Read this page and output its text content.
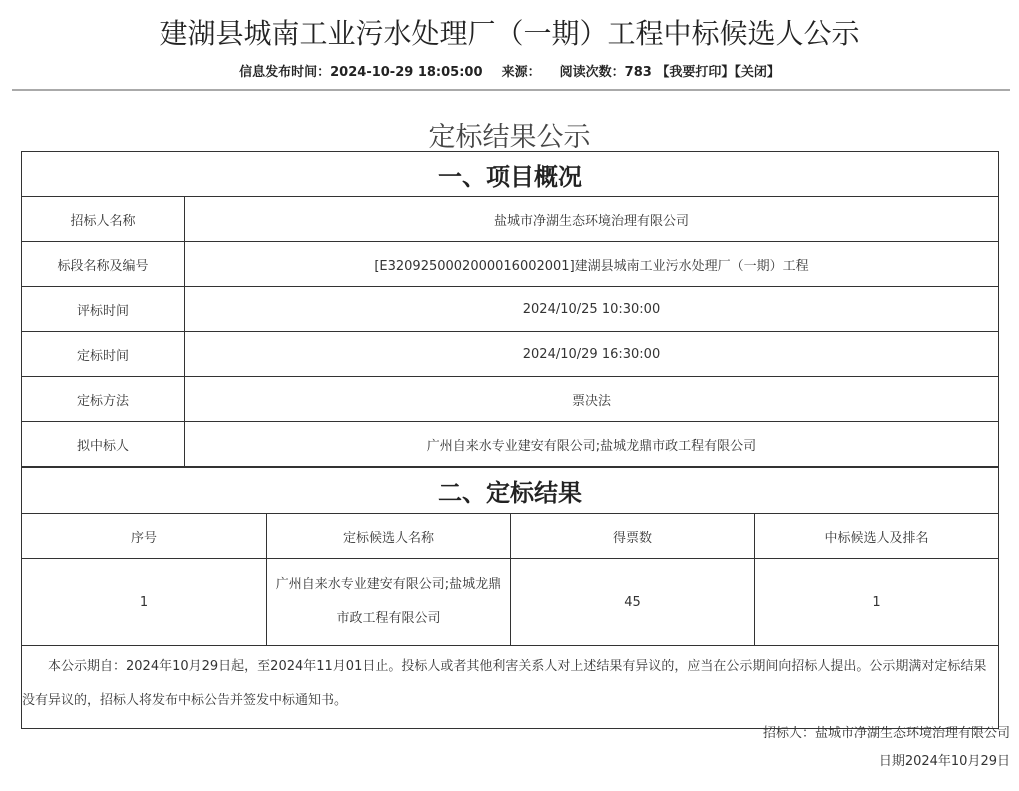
建湖县城南工业污水处理厂（一期）工程中标候选人公示
信息发布时间：2024-10-29 18:05:00 来源： 阅读次数：783 【我要打印】【关闭】
定标结果公示
一、项目概况	
招标人名称	盐城市净湖生态环境治理有限公司
标段名称及编号	[E3209250002000016002001]建湖县城南工业污水处理厂（一期）工程
评标时间	2024/10/25 10:30:00
定标时间	2024/10/29 16:30:00
定标方法	票决法
拟中标人	广州自来水专业建安有限公司;盐城龙鼎市政工程有限公司
二、定标结果			
序号	定标候选人名称	得票数	中标候选人及排名
1	广州自来水专业建安有限公司;盐城龙鼎市政工程有限公司	45	1
　　本公示期自：2024年10月29日起，至2024年11月01日止。投标人或者其他利害关系人对上述结果有异议的，应当在公示期间向招标人提出。公示期满对定标结果没有异议的，招标人将发布中标公告并签发中标通知书。			
招标人：盐城市净湖生态环境治理有限公司
日期2024年10月29日
